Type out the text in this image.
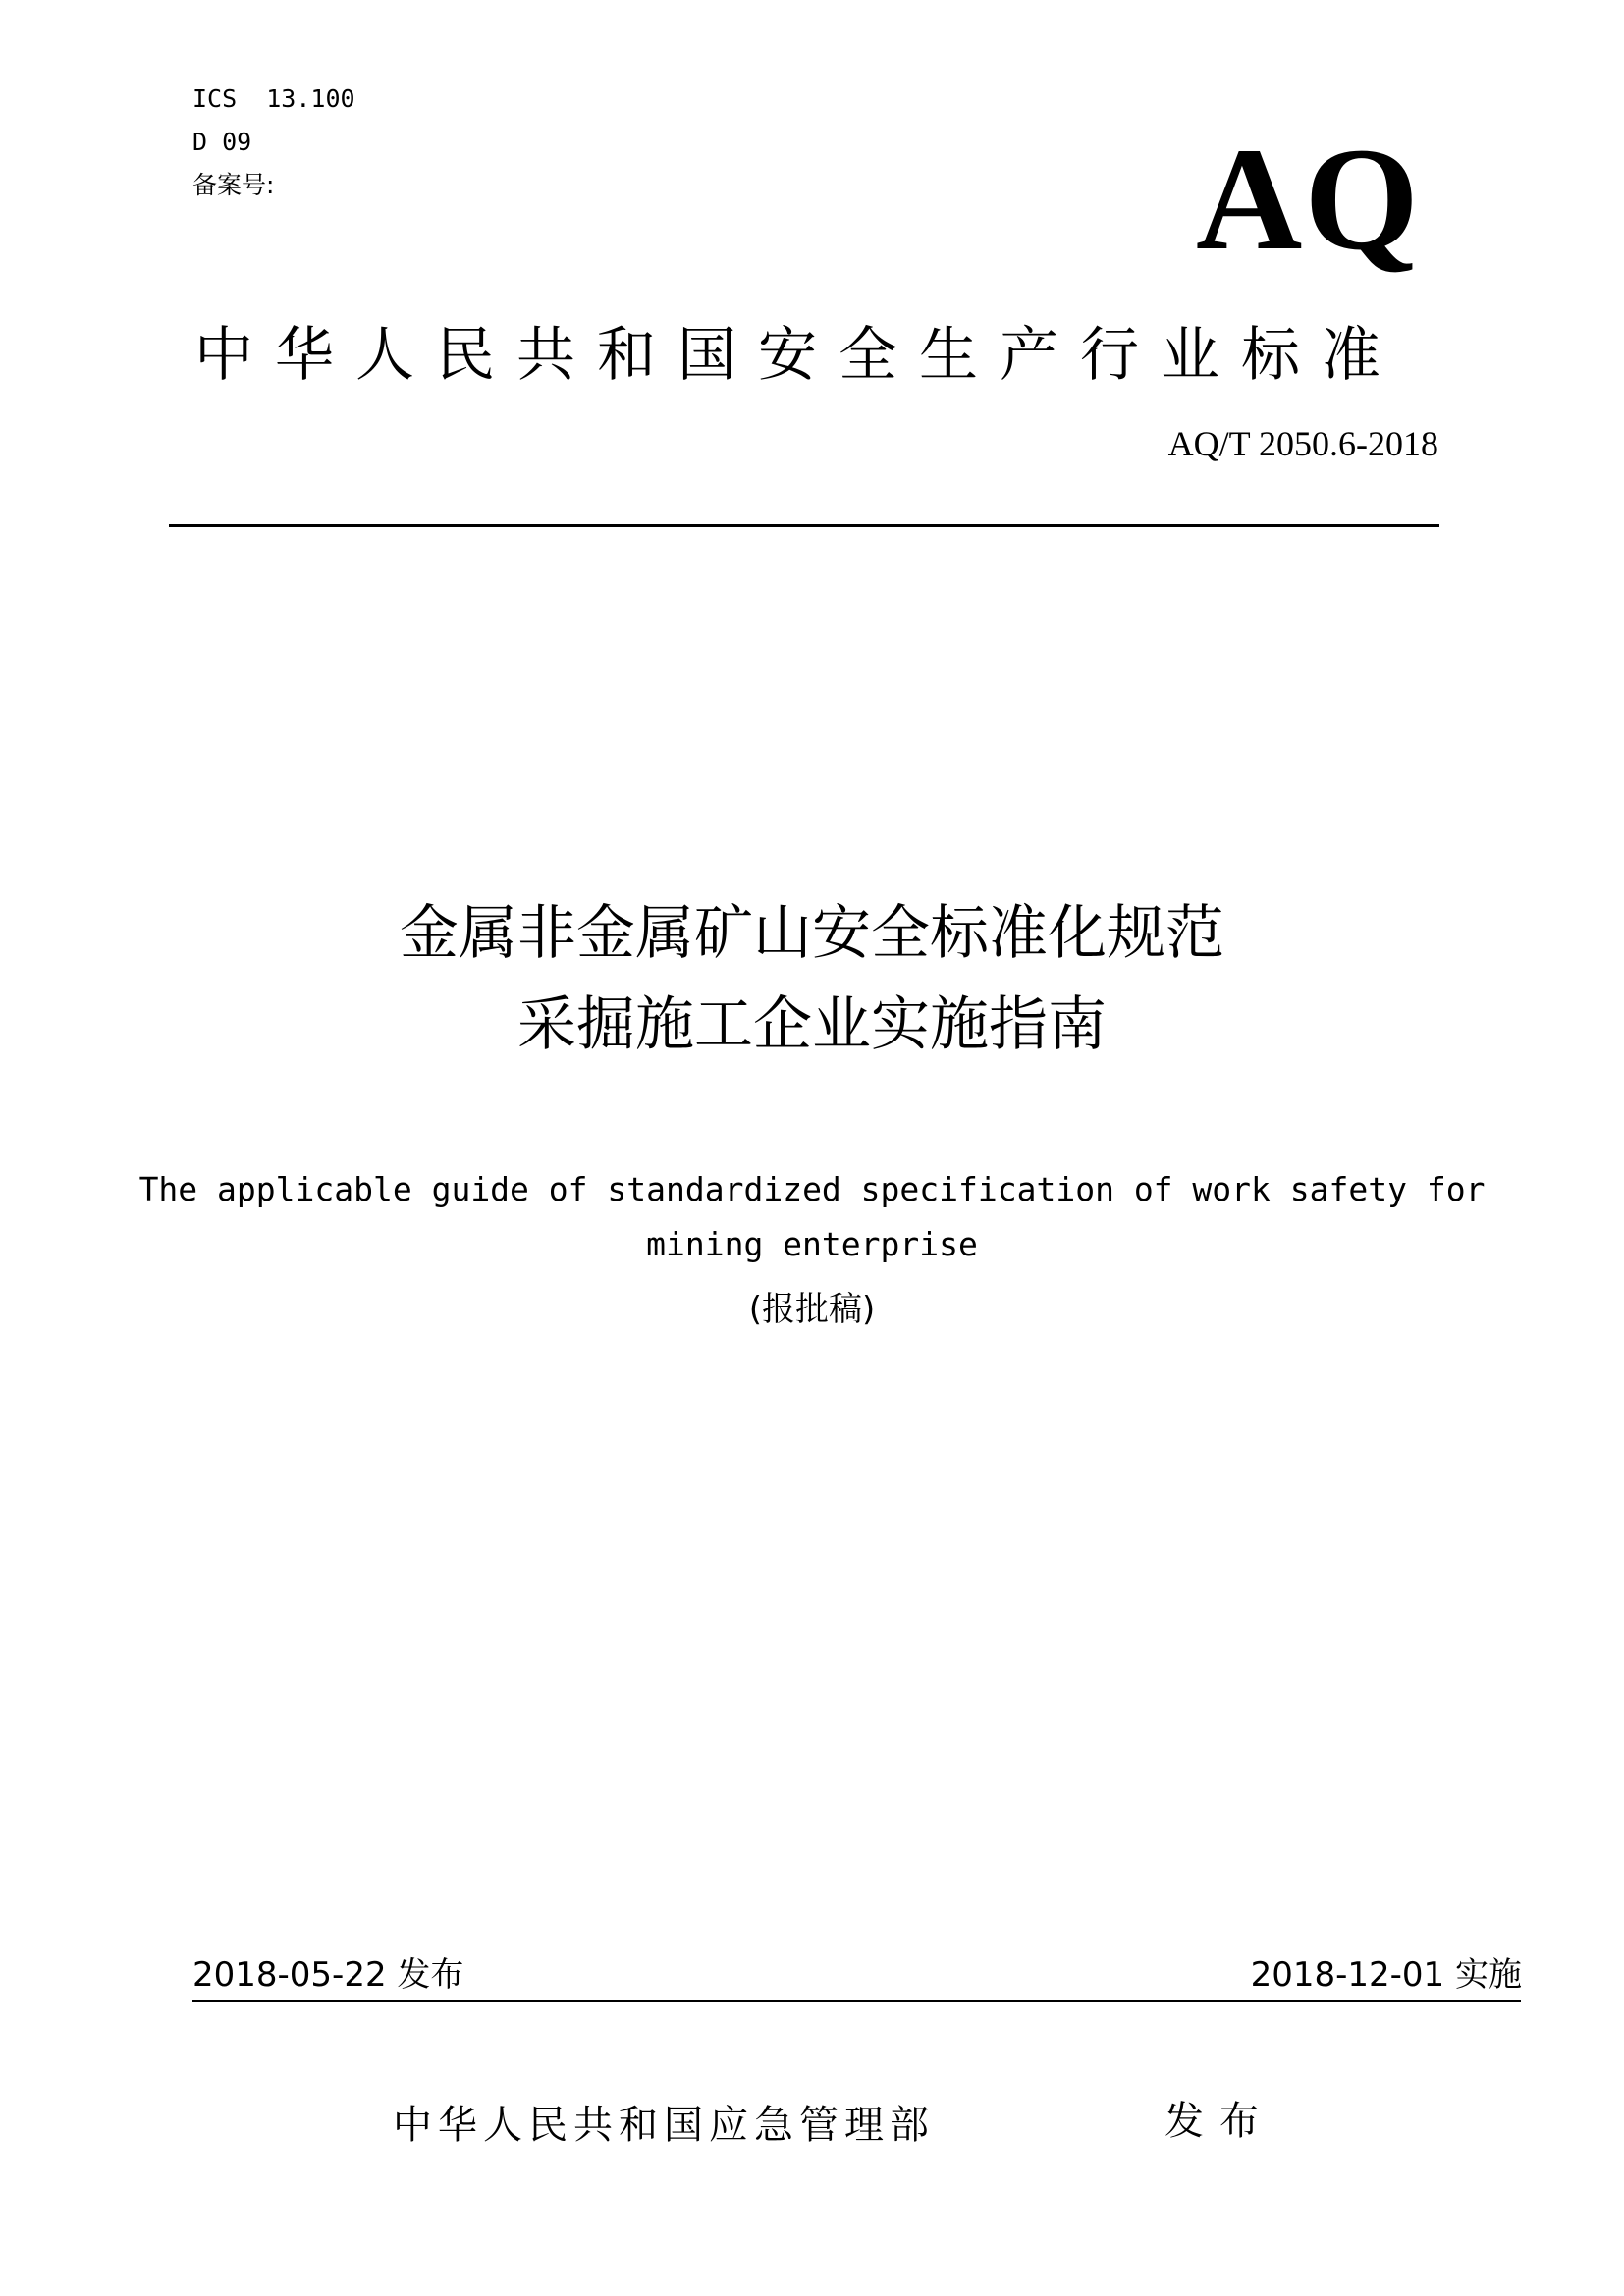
ICS  13.100
D 09
备案号:	AQ
中华人民共和国安全生产行业标准
AQ/T 2050.6-2018
金属非金属矿山安全标准化规范
采掘施工企业实施指南
The applicable guide of standardized specification of work safety for
mining enterprise
(报批稿)
2018-05-22 发布	2018-12-01 实施
中华人民共和国应急管理部	发布
